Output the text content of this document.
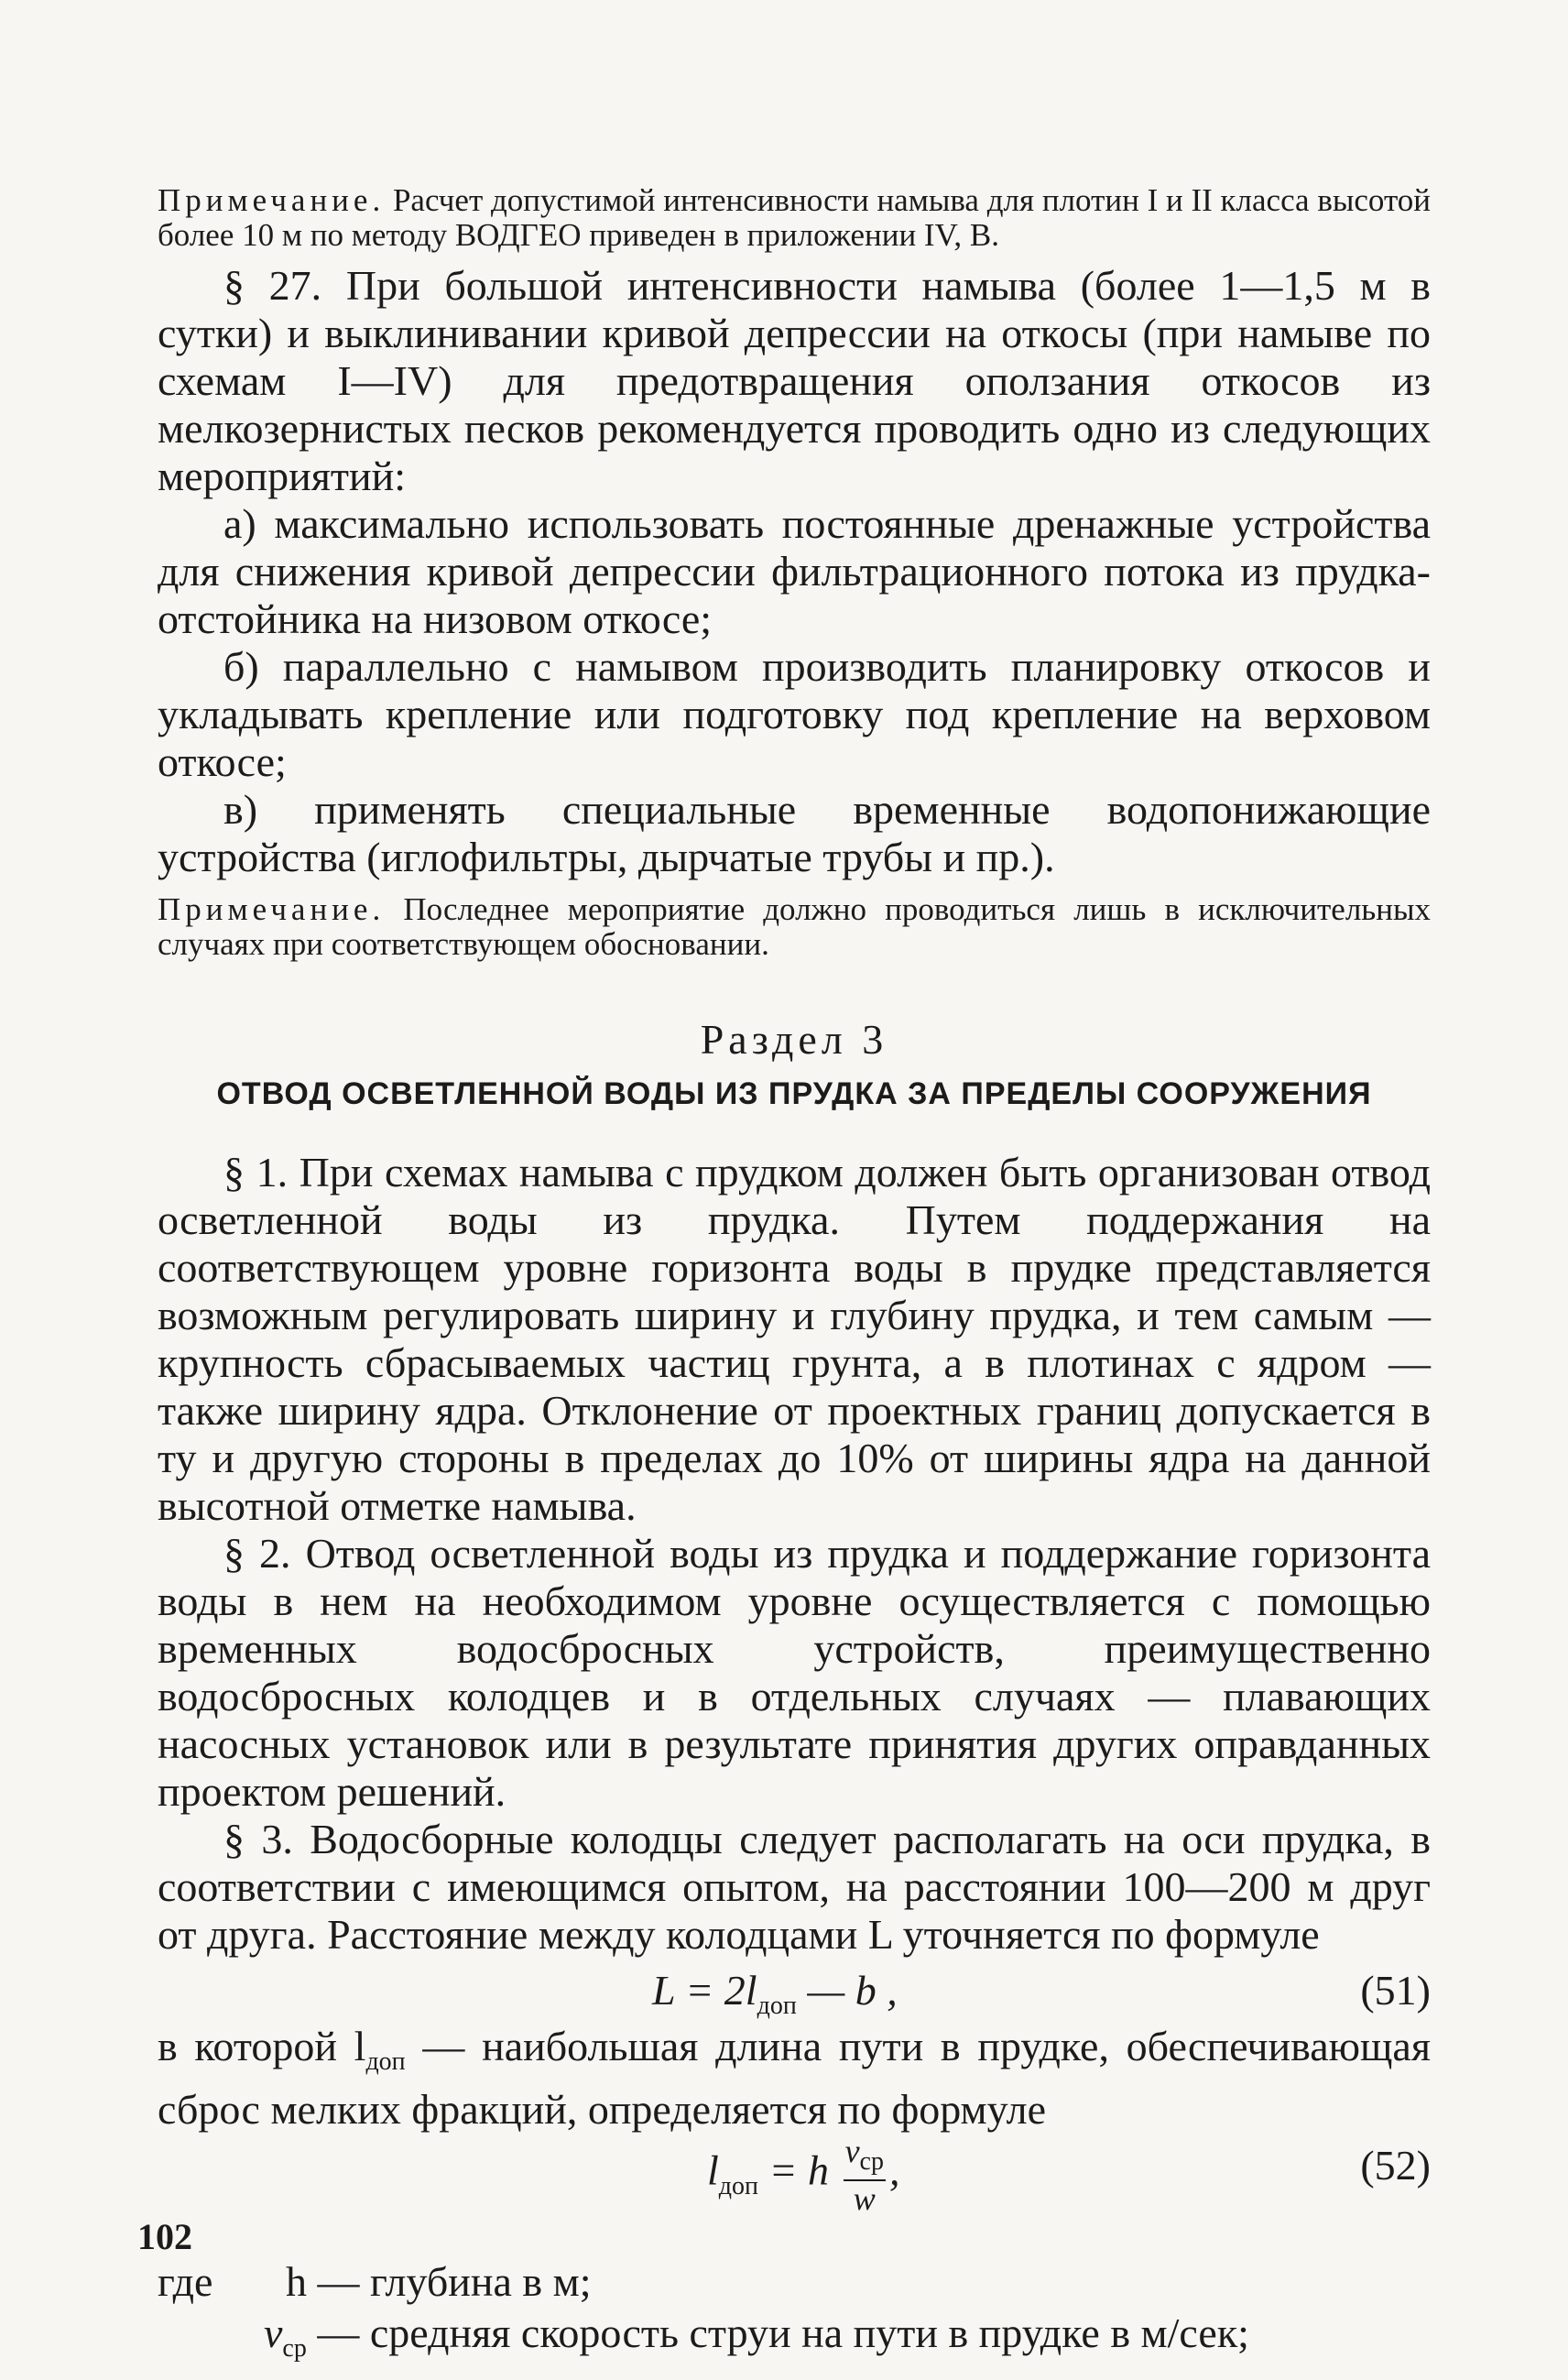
Примечание. Расчет допустимой интенсивности намыва для плотин I и II класса высотой более 10 м по методу ВОДГЕО приведен в приложении IV, В.

§ 27. При большой интенсивности намыва (более 1—1,5 м в сутки) и выклинивании кривой депрессии на откосы (при намыве по схемам I—IV) для предотвращения оползания откосов из мелкозернистых песков рекомендуется проводить одно из следующих мероприятий:

а) максимально использовать постоянные дренажные устройства для снижения кривой депрессии фильтрационного потока из прудка-отстойника на низовом откосе;

б) параллельно с намывом производить планировку откосов и укладывать крепление или подготовку под крепление на верховом откосе;

в) применять специальные временные водопонижающие устройства (иглофильтры, дырчатые трубы и пр.).

Примечание. Последнее мероприятие должно проводиться лишь в исключительных случаях при соответствующем обосновании.

Раздел 3
ОТВОД ОСВЕТЛЕННОЙ ВОДЫ ИЗ ПРУДКА ЗА ПРЕДЕЛЫ СООРУЖЕНИЯ

§ 1. При схемах намыва с прудком должен быть организован отвод осветленной воды из прудка. Путем поддержания на соответствующем уровне горизонта воды в прудке представляется возможным регулировать ширину и глубину прудка, и тем самым — крупность сбрасываемых частиц грунта, а в плотинах с ядром — также ширину ядра. Отклонение от проектных границ допускается в ту и другую стороны в пределах до 10% от ширины ядра на данной высотной отметке намыва.

§ 2. Отвод осветленной воды из прудка и поддержание горизонта воды в нем на необходимом уровне осуществляется с помощью временных водосбросных устройств, преимущественно водосбросных колодцев и в отдельных случаях — плавающих насосных установок или в результате принятия других оправданных проектом решений.

§ 3. Водосборные колодцы следует располагать на оси прудка, в соответствии с имеющимся опытом, на расстоянии 100—200 м друг от друга. Расстояние между колодцами L уточняется по формуле

$L = 2l_{доп}$ — b ,	(51)

в которой $l_{доп}$ — наибольшая длина пути в прудке, обеспечивающая сброс мелких фракций, определяется по формуле

$l_{доп} = h \frac{v_{ср}}{w}$ ,	(52)
где h — глубина в м;
$v_{ср}$ — средняя скорость струи на пути в прудке в м/сек;
102
